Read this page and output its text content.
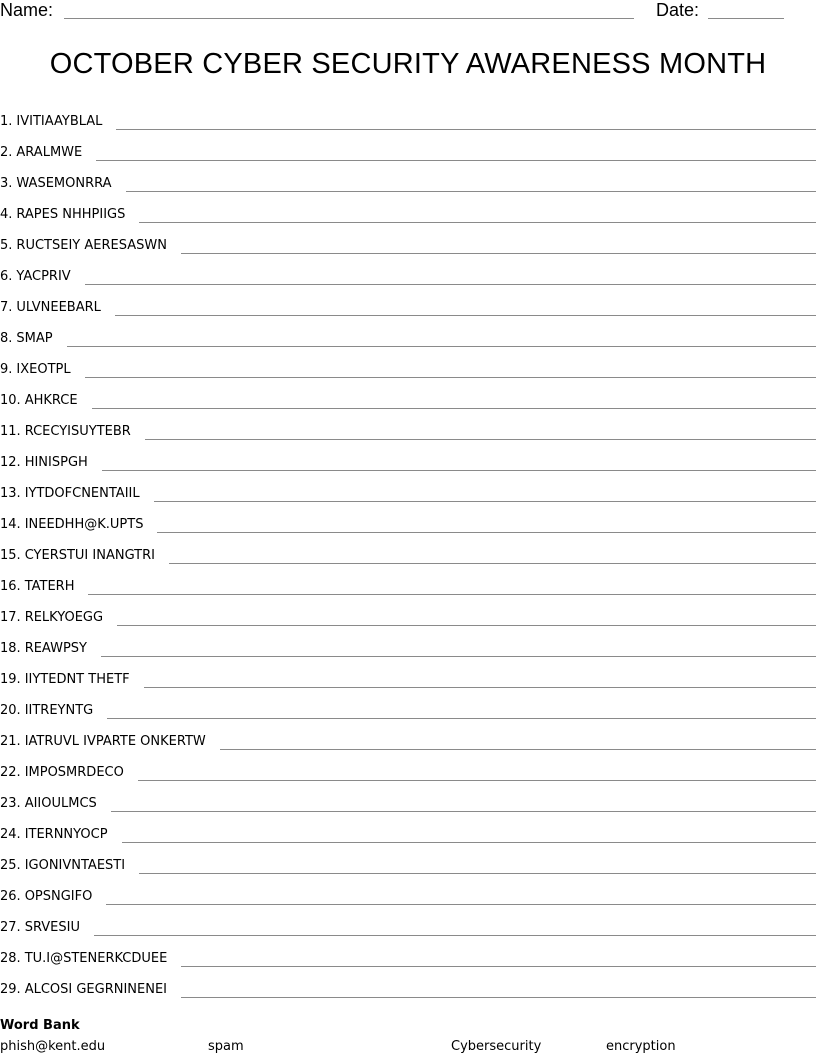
Name:	Date:
OCTOBER CYBER SECURITY AWARENESS MONTH
1. IVITIAAYBLAL
2. ARALMWE
3. WASEMONRRA
4. RAPES NHHPIIGS
5. RUCTSEIY AERESASWN
6. YACPRIV
7. ULVNEEBARL
8. SMAP
9. IXEOTPL
10. AHKRCE
11. RCECYISUYTEBR
12. HINISPGH
13. IYTDOFCNENTAIIL
14. INEEDHH@K.UPTS
15. CYERSTUI INANGTRI
16. TATERH
17. RELKYOEGG
18. REAWPSY
19. IIYTEDNT THETF
20. IITREYNTG
21. IATRUVL IVPARTE ONKERTW
22. IMPOSMRDECO
23. AIIOULMCS
24. ITERNNYOCP
25. IGONIVNTAESTI
26. OPSNGIFO
27. SRVESIU
28. TU.I@STENERKCDUEE
29. ALCOSI GEGRNINENEI
Word Bank
phish@kent.edu	spam	Cybersecurity	encryption
